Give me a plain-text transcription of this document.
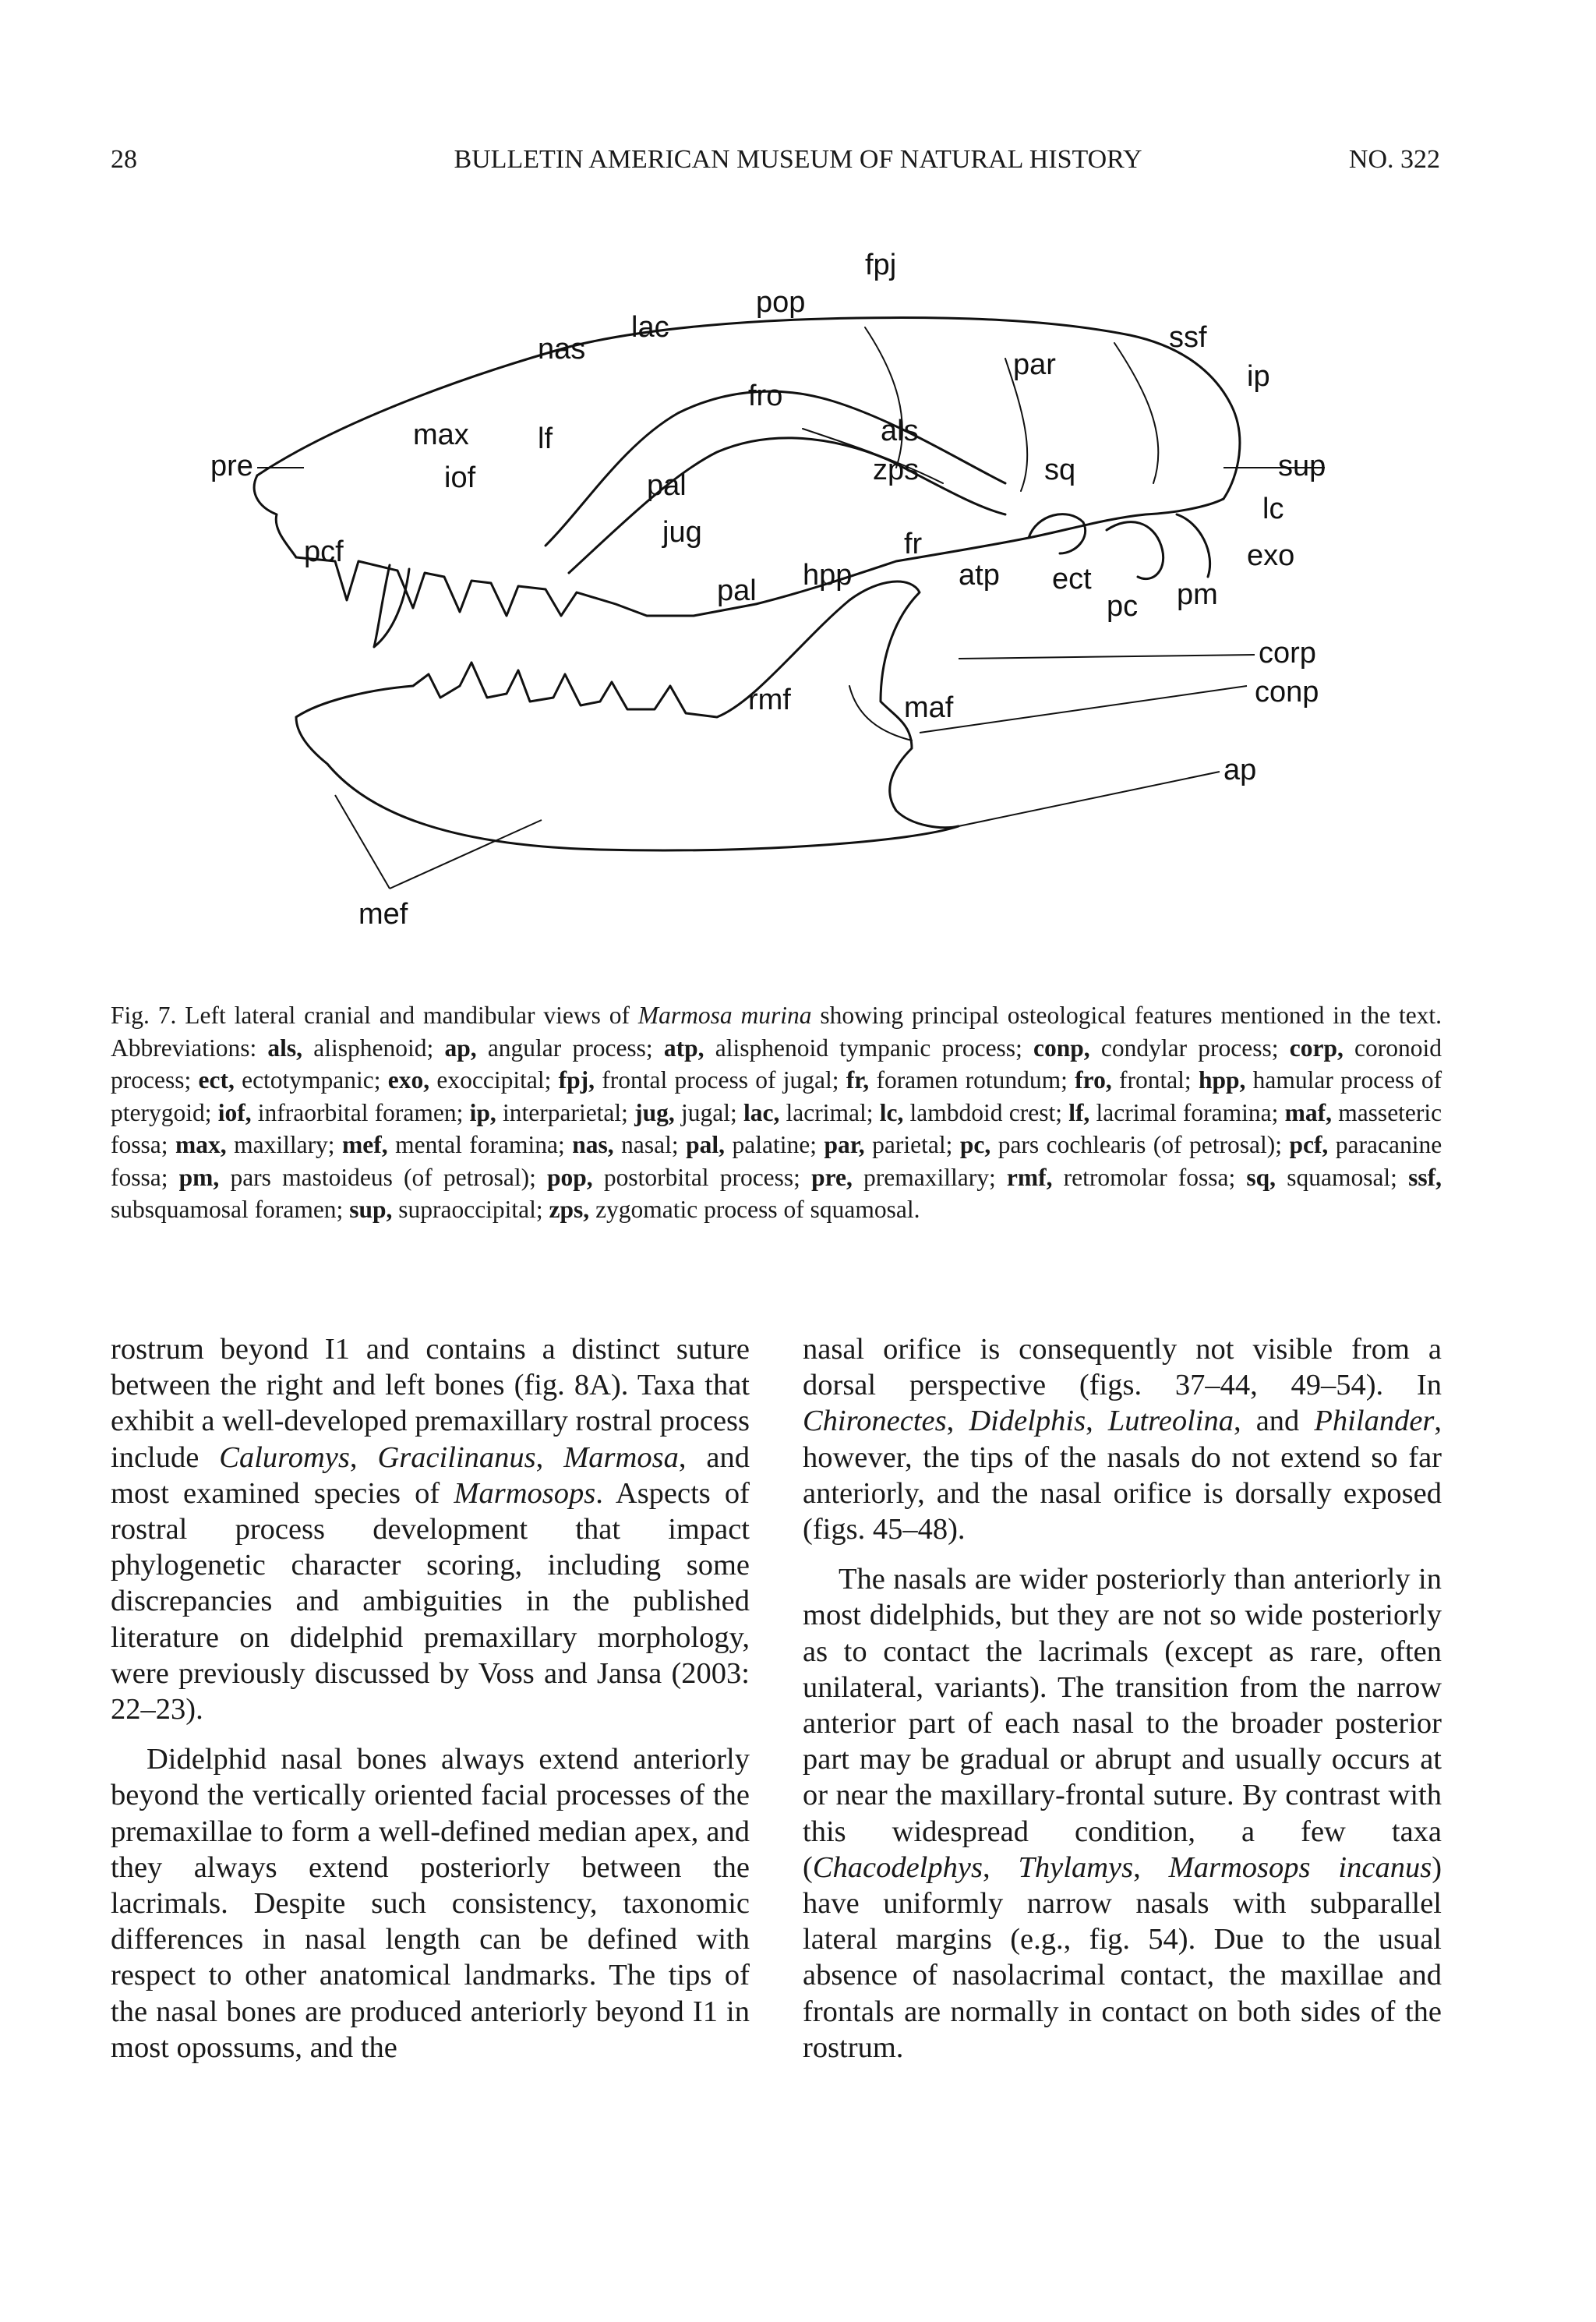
28	BULLETIN AMERICAN MUSEUM OF NATURAL HISTORY	NO. 322
pre
pcf
max
nas
lac
lf
iof	pal
jug
pal
pop
fpj
fro
als
zps
par
sq
ssf
ip
sup
lc
exo
hpp
fr
atp ect
pc pm
corp
conp
ap
maf
rmf
mef
Fig. 7. Left lateral cranial and mandibular views of Marmosa murina showing principal osteological features mentioned in the text. Abbreviations: als, alisphenoid; ap, angular process; atp, alisphenoid tympanic process; conp, condylar process; corp, coronoid process; ect, ectotympanic; exo, exoccipital; fpj, frontal process of jugal; fr, foramen rotundum; fro, frontal; hpp, hamular process of pterygoid; iof, infraorbital foramen; ip, interparietal; jug, jugal; lac, lacrimal; lc, lambdoid crest; lf, lacrimal foramina; maf, masseteric fossa; max, maxillary; mef, mental foramina; nas, nasal; pal, palatine; par, parietal; pc, pars cochlearis (of petrosal); pcf, paracanine fossa; pm, pars mastoideus (of petrosal); pop, postorbital process; pre, premaxillary; rmf, retromolar fossa; sq, squamosal; ssf, subsquamosal foramen; sup, supraoccipital; zps, zygomatic process of squamosal.

rostrum beyond I1 and contains a distinct suture between the right and left bones (fig. 8A). Taxa that exhibit a well-developed premaxillary rostral process include Caluromys, Gracilinanus, Marmosa, and most examined species of Marmosops. Aspects of rostral process development that impact phylogenetic character scoring, including some discrepancies and ambiguities in the published literature on didelphid premaxillary morphology, were previously discussed by Voss and Jansa (2003: 22–23).

Didelphid nasal bones always extend anteriorly beyond the vertically oriented facial processes of the premaxillae to form a well-defined median apex, and they always extend posteriorly between the lacrimals. Despite such consistency, taxonomic differences in nasal length can be defined with respect to other anatomical landmarks. The tips of the nasal bones are produced anteriorly beyond I1 in most opossums, and the

nasal orifice is consequently not visible from a dorsal perspective (figs. 37–44, 49–54). In Chironectes, Didelphis, Lutreolina, and Philander, however, the tips of the nasals do not extend so far anteriorly, and the nasal orifice is dorsally exposed (figs. 45–48).

The nasals are wider posteriorly than anteriorly in most didelphids, but they are not so wide posteriorly as to contact the lacrimals (except as rare, often unilateral, variants). The transition from the narrow anterior part of each nasal to the broader posterior part may be gradual or abrupt and usually occurs at or near the maxillary-frontal suture. By contrast with this widespread condition, a few taxa (Chacodelphys, Thylamys, Marmosops incanus) have uniformly narrow nasals with subparallel lateral margins (e.g., fig. 54). Due to the usual absence of nasolacrimal contact, the maxillae and frontals are normally in contact on both sides of the rostrum.
